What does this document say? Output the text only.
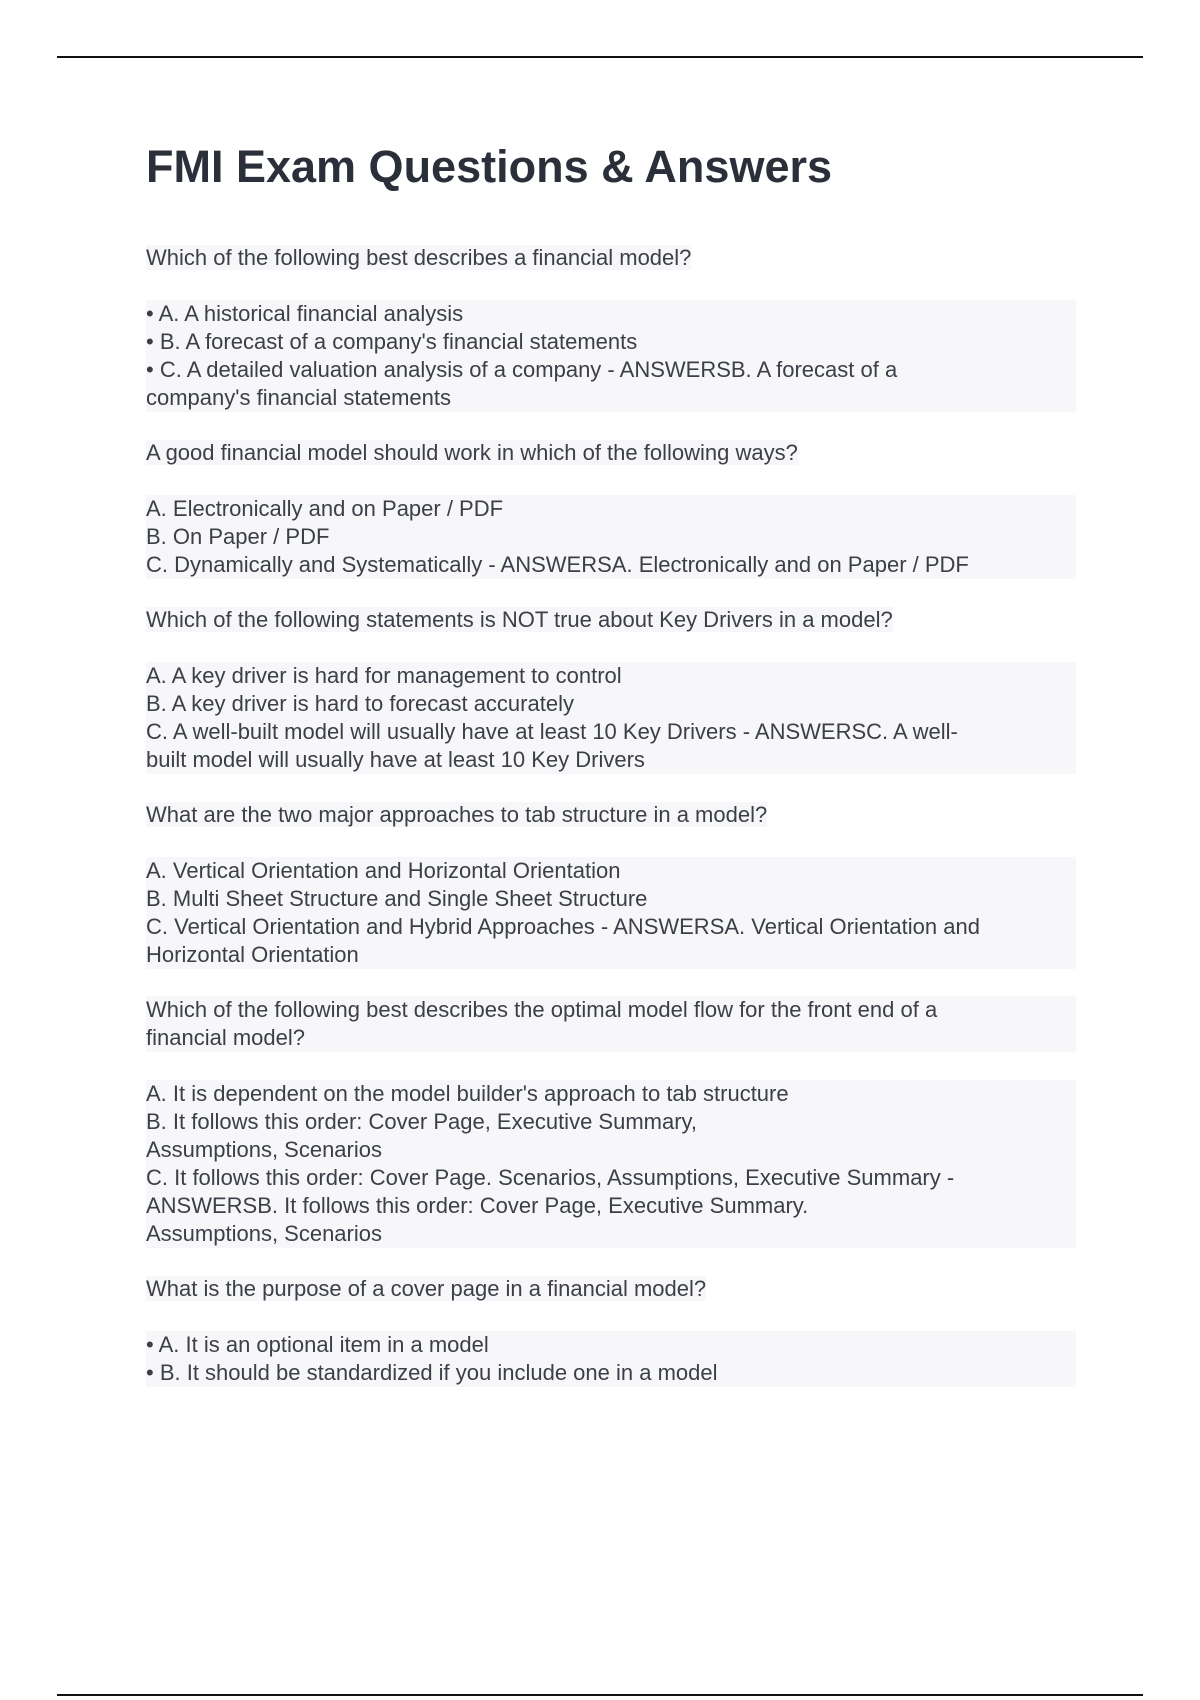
FMI Exam Questions & Answers
Which of the following best describes a financial model?
• A. A historical financial analysis
• B. A forecast of a company's financial statements
• C. A detailed valuation analysis of a company - ANSWERSB. A forecast of a
company's financial statements
A good financial model should work in which of the following ways?
A. Electronically and on Paper / PDF
B. On Paper / PDF
C. Dynamically and Systematically - ANSWERSA. Electronically and on Paper / PDF
Which of the following statements is NOT true about Key Drivers in a model?
A. A key driver is hard for management to control
B. A key driver is hard to forecast accurately
C. A well-built model will usually have at least 10 Key Drivers - ANSWERSC. A well-
built model will usually have at least 10 Key Drivers
What are the two major approaches to tab structure in a model?
A. Vertical Orientation and Horizontal Orientation
B. Multi Sheet Structure and Single Sheet Structure
C. Vertical Orientation and Hybrid Approaches - ANSWERSA. Vertical Orientation and
Horizontal Orientation
Which of the following best describes the optimal model flow for the front end of a
financial model?
A. It is dependent on the model builder's approach to tab structure
B. It follows this order: Cover Page, Executive Summary,
Assumptions, Scenarios
C. It follows this order: Cover Page. Scenarios, Assumptions, Executive Summary -
ANSWERSB. It follows this order: Cover Page, Executive Summary.
Assumptions, Scenarios
What is the purpose of a cover page in a financial model?
• A. It is an optional item in a model
• B. It should be standardized if you include one in a model
